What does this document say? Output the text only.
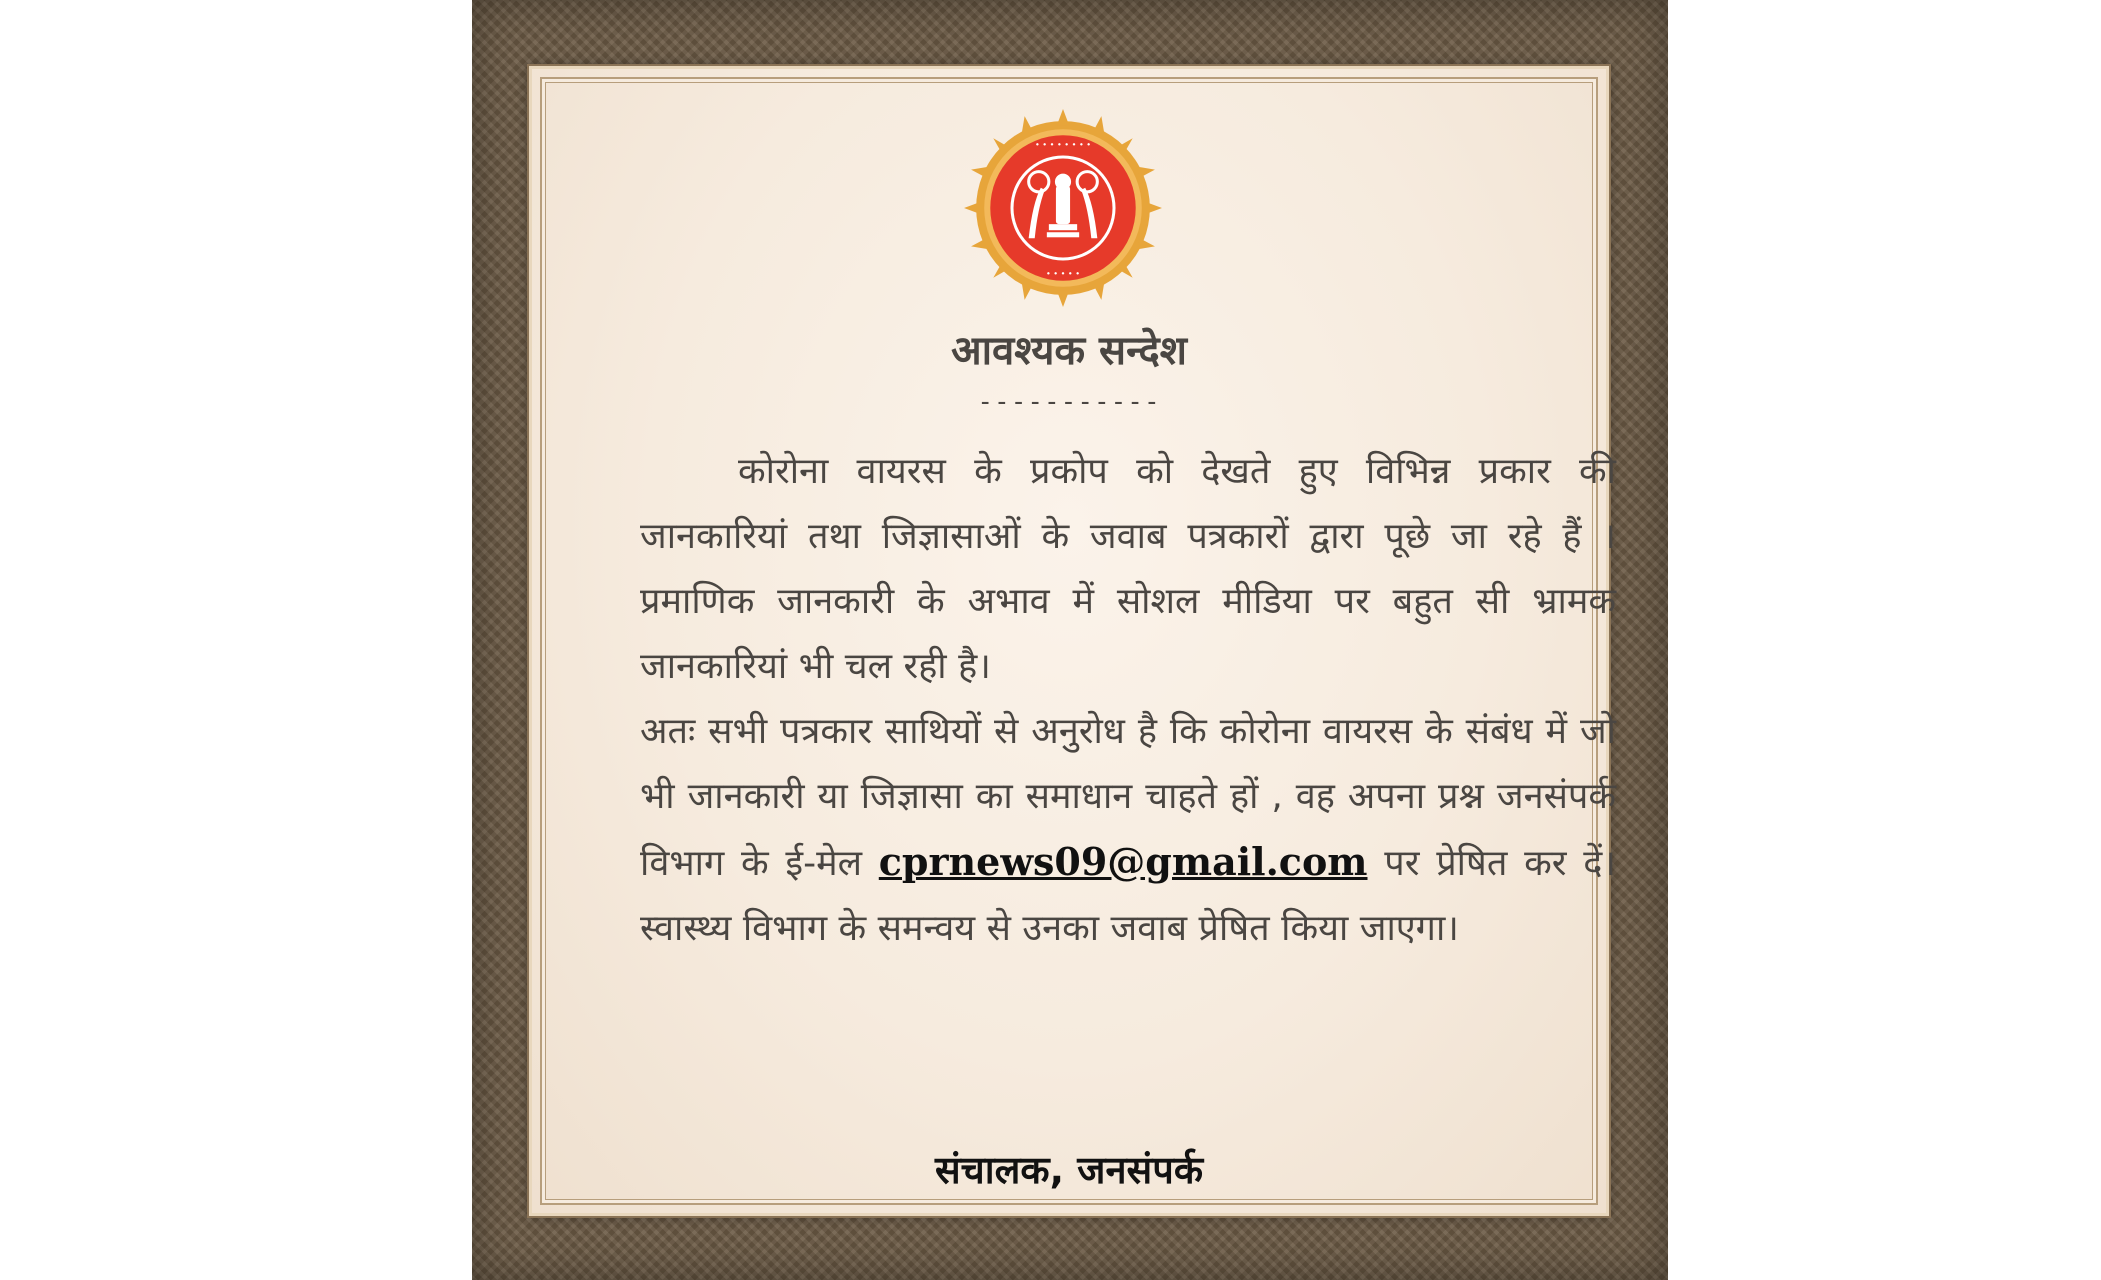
• • • • • • • •
• • • • •
आवश्यक सन्देश
-----------

कोरोना वायरस के प्रकोप को देखते हुए विभिन्न प्रकार की जानकारियां तथा जिज्ञासाओं के जवाब पत्रकारों द्वारा पूछे जा रहे हैं । प्रमाणिक जानकारी के अभाव में सोशल मीडिया पर बहुत सी भ्रामक जानकारियां भी चल रही है।

अतः सभी पत्रकार साथियों से अनुरोध है कि कोरोना वायरस के संबंध में जो भी जानकारी या जिज्ञासा का समाधान चाहते हों , वह अपना प्रश्न जनसंपर्क विभाग के ई-मेल cprnews09@gmail.com पर प्रेषित कर दें। स्वास्थ्य विभाग के समन्वय से उनका जवाब प्रेषित किया जाएगा।

संचालक, जनसंपर्क
